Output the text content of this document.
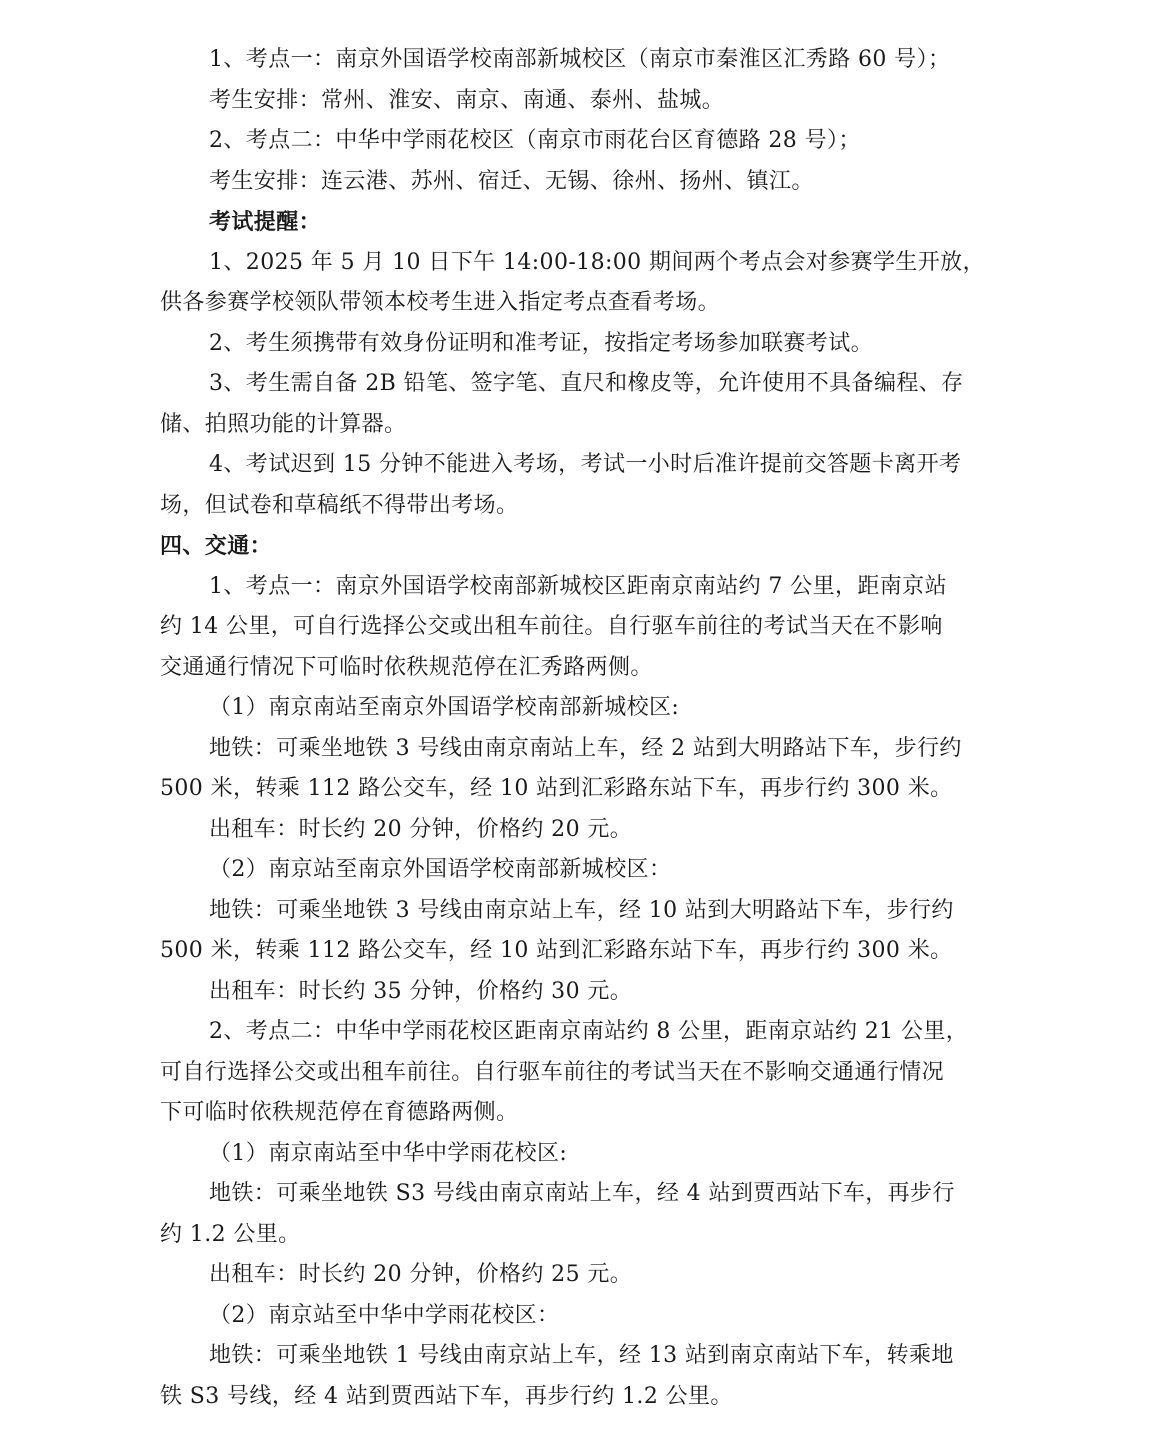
1、考点一：南京外国语学校南部新城校区（南京市秦淮区汇秀路 60 号）；

考生安排：常州、淮安、南京、南通、泰州、盐城。

2、考点二：中华中学雨花校区（南京市雨花台区育德路 28 号）；

考生安排：连云港、苏州、宿迁、无锡、徐州、扬州、镇江。

考试提醒：

1、2025 年 5 月 10 日下午 14:00-18:00 期间两个考点会对参赛学生开放，

供各参赛学校领队带领本校考生进入指定考点查看考场。

2、考生须携带有效身份证明和准考证，按指定考场参加联赛考试。

3、考生需自备 2B 铅笔、签字笔、直尺和橡皮等，允许使用不具备编程、存

储、拍照功能的计算器。

4、考试迟到 15 分钟不能进入考场，考试一小时后准许提前交答题卡离开考

场，但试卷和草稿纸不得带出考场。

四、交通：

1、考点一：南京外国语学校南部新城校区距南京南站约 7 公里，距南京站

约 14 公里，可自行选择公交或出租车前往。自行驱车前往的考试当天在不影响

交通通行情况下可临时依秩规范停在汇秀路两侧。

（1）南京南站至南京外国语学校南部新城校区:

地铁：可乘坐地铁 3 号线由南京南站上车，经 2 站到大明路站下车，步行约

500 米，转乘 112 路公交车，经 10 站到汇彩路东站下车，再步行约 300 米。

出租车：时长约 20 分钟，价格约 20 元。

（2）南京站至南京外国语学校南部新城校区：

地铁：可乘坐地铁 3 号线由南京站上车，经 10 站到大明路站下车，步行约

500 米，转乘 112 路公交车，经 10 站到汇彩路东站下车，再步行约 300 米。

出租车：时长约 35 分钟，价格约 30 元。

2、考点二：中华中学雨花校区距南京南站约 8 公里，距南京站约 21 公里，

可自行选择公交或出租车前往。自行驱车前往的考试当天在不影响交通通行情况

下可临时依秩规范停在育德路两侧。

（1）南京南站至中华中学雨花校区:

地铁：可乘坐地铁 S3 号线由南京南站上车，经 4 站到贾西站下车，再步行

约 1.2 公里。

出租车：时长约 20 分钟，价格约 25 元。

（2）南京站至中华中学雨花校区：

地铁：可乘坐地铁 1 号线由南京站上车，经 13 站到南京南站下车，转乘地

铁 S3 号线，经 4 站到贾西站下车，再步行约 1.2 公里。
